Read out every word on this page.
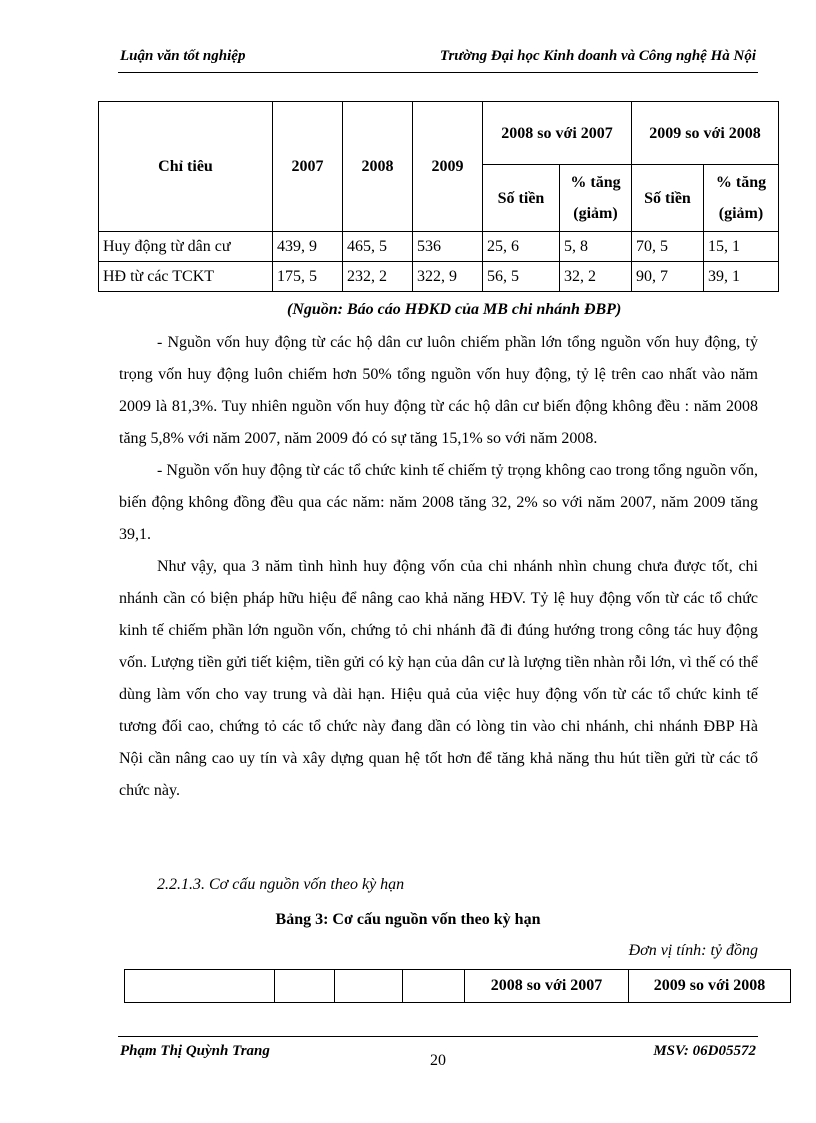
Luận văn tốt nghiệp	Trường Đại học Kinh doanh và Công nghệ Hà Nội
Chỉ tiêu	2007	2008	2009	2008 so với 2007		2009 so với 2008	
				Số tiền	% tăng (giảm)	Số tiền	% tăng (giảm)
Huy động từ dân cư	439, 9	465, 5	536	25, 6	5, 8	70, 5	15, 1
HĐ từ các TCKT	175, 5	232, 2	322, 9	56, 5	32, 2	90, 7	39, 1
(Nguồn: Báo cáo HĐKD của MB chi nhánh ĐBP)

- Nguồn vốn huy động từ các hộ dân cư luôn chiếm phần lớn tổng nguồn vốn huy động, tỷ trọng vốn huy động luôn chiếm hơn 50% tổng nguồn vốn huy động, tỷ lệ trên cao nhất vào năm 2009 là 81,3%. Tuy nhiên nguồn vốn huy động từ các hộ dân cư biến động không đều : năm 2008 tăng 5,8% với năm 2007, năm 2009 đó có sự tăng 15,1% so với năm 2008.

- Nguồn vốn huy động từ các tổ chức kinh tế chiếm tỷ trọng không cao trong tổng nguồn vốn, biến động không đồng đều qua các năm: năm 2008 tăng 32, 2% so với năm 2007, năm 2009 tăng 39,1.

Như vậy, qua 3 năm tình hình huy động vốn của chi nhánh nhìn chung chưa được tốt, chi nhánh cần có biện pháp hữu hiệu để nâng cao khả năng HĐV. Tỷ lệ huy động vốn từ các tổ chức kinh tế chiếm phần lớn nguồn vốn, chứng tỏ chi nhánh đã đi đúng hướng trong công tác huy động vốn. Lượng tiền gửi tiết kiệm, tiền gửi có kỳ hạn của dân cư là lượng tiền nhàn rỗi lớn, vì thế có thể dùng làm vốn cho vay trung và dài hạn. Hiệu quả của việc huy động vốn từ các tổ chức kinh tế tương đối cao, chứng tỏ các tổ chức này đang dần có lòng tin vào chi nhánh, chi nhánh ĐBP Hà Nội cần nâng cao uy tín và xây dựng quan hệ tốt hơn để tăng khả năng thu hút tiền gửi từ các tổ chức này.

2.2.1.3. Cơ cấu nguồn vốn theo kỳ hạn
Bảng 3: Cơ cấu nguồn vốn theo kỳ hạn
Đơn vị tính: tỷ đồng
				2008 so với 2007	2009 so với 2008
Phạm Thị Quỳnh Trang
20
MSV: 06D05572
